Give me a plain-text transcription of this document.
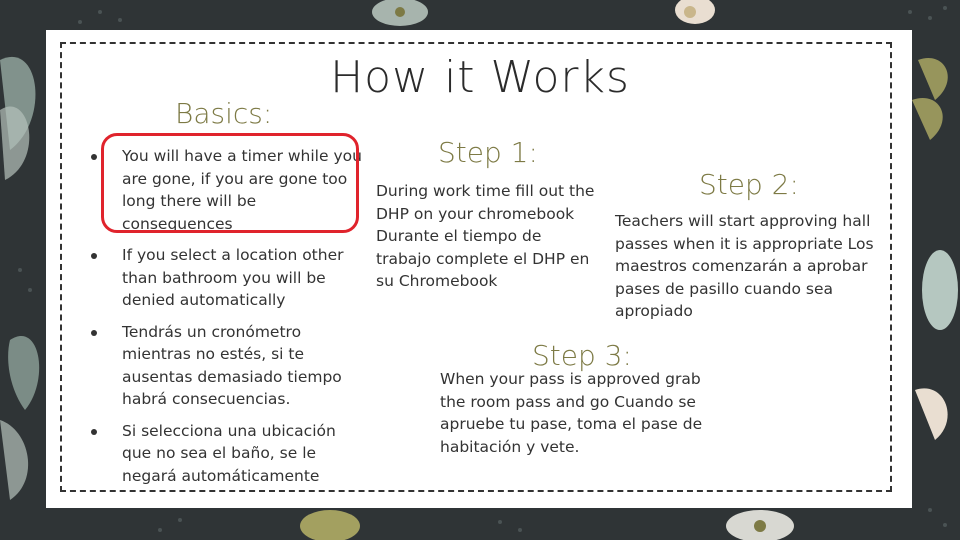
How it Works
Basics:
You will have a timer while you are gone, if you are gone too long there will be consequences
If you select a location other than bathroom you will be denied automatically
Tendrás un cronómetro mientras no estés, si te ausentas demasiado tiempo habrá consecuencias.
Si selecciona una ubicación que no sea el baño, se le negará automáticamente
Step 1:
During work time fill out the DHP on your chromebook Durante el tiempo de trabajo complete el DHP en su Chromebook
Step 2:
Teachers will start approving hall passes when it is appropriate Los maestros comenzarán a aprobar pases de pasillo cuando sea apropiado
Step 3:
When your pass is approved grab the room pass and go Cuando se apruebe tu pase, toma el pase de habitación y vete.
